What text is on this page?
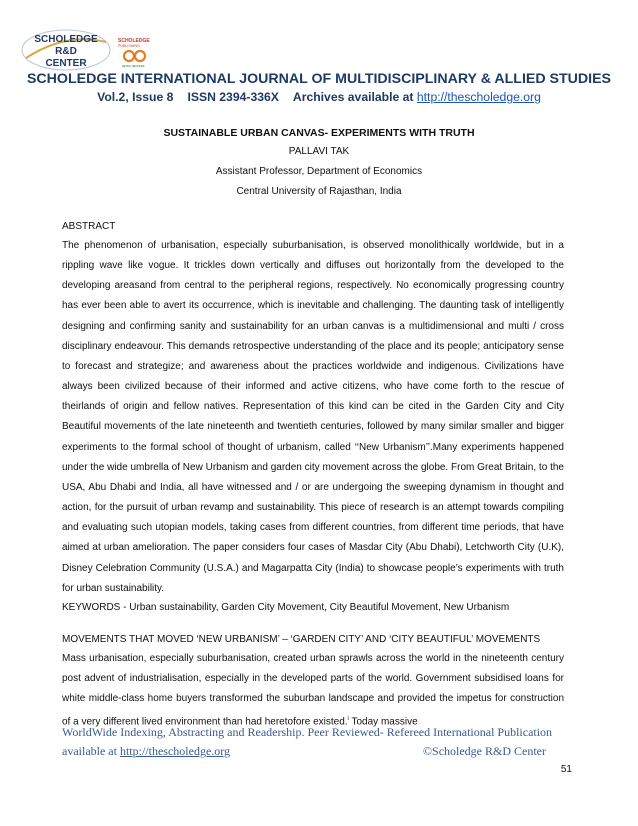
SCHOLEDGE
R&D
CENTER
SCHOLEDGE
PUBLISHING
open access
SCHOLEDGE INTERNATIONAL JOURNAL OF MULTIDISCIPLINARY & ALLIED STUDIES
Vol.2, Issue 8 ISSN 2394-336X Archives available at http://thescholedge.org
SUSTAINABLE URBAN CANVAS- EXPERIMENTS WITH TRUTH
PALLAVI TAK
Assistant Professor, Department of Economics
Central University of Rajasthan, India
ABSTRACT
The phenomenon of urbanisation, especially suburbanisation, is observed monolithically worldwide, but in a rippling wave like vogue. It trickles down vertically and diffuses out horizontally from the developed to the developing areasand from central to the peripheral regions, respectively. No economically progressing country has ever been able to avert its occurrence, which is inevitable and challenging. The daunting task of intelligently designing and confirming sanity and sustainability for an urban canvas is a multidimensional and multi / cross disciplinary endeavour. This demands retrospective understanding of the place and its people; anticipatory sense to forecast and strategize; and awareness about the practices worldwide and indigenous. Civilizations have always been civilized because of their informed and active citizens, who have come forth to the rescue of theirlands of origin and fellow natives. Representation of this kind can be cited in the Garden City and City Beautiful movements of the late nineteenth and twentieth centuries, followed by many similar smaller and bigger experiments to the formal school of thought of urbanism, called ‘‘New Urbanism’’.Many experiments happened under the wide umbrella of New Urbanism and garden city movement across the globe. From Great Britain, to the USA, Abu Dhabi and India, all have witnessed and / or are undergoing the sweeping dynamism in thought and action, for the pursuit of urban revamp and sustainability. This piece of research is an attempt towards compiling and evaluating such utopian models, taking cases from different countries, from different time periods, that have aimed at urban amelioration. The paper considers four cases of Masdar City (Abu Dhabi), Letchworth City (U.K), Disney Celebration Community (U.S.A.) and Magarpatta City (India) to showcase people’s experiments with truth for urban sustainability.
KEYWORDS - Urban sustainability, Garden City Movement, City Beautiful Movement, New Urbanism
MOVEMENTS THAT MOVED ‘NEW URBANISM’ – ‘GARDEN CITY’ AND ‘CITY BEAUTIFUL’ MOVEMENTS
Mass urbanisation, especially suburbanisation, created urban sprawls across the world in the nineteenth century post advent of industrialisation, especially in the developed parts of the world. Government subsidised loans for white middle-class home buyers transformed the suburban landscape and provided the impetus for construction of a very different lived environment than had heretofore existed.$^i$ Today massive
WorldWide Indexing, Abstracting and Readership. Peer Reviewed- Refereed International Publication
available at http://thescholedge.org	©Scholedge R&D Center
51
